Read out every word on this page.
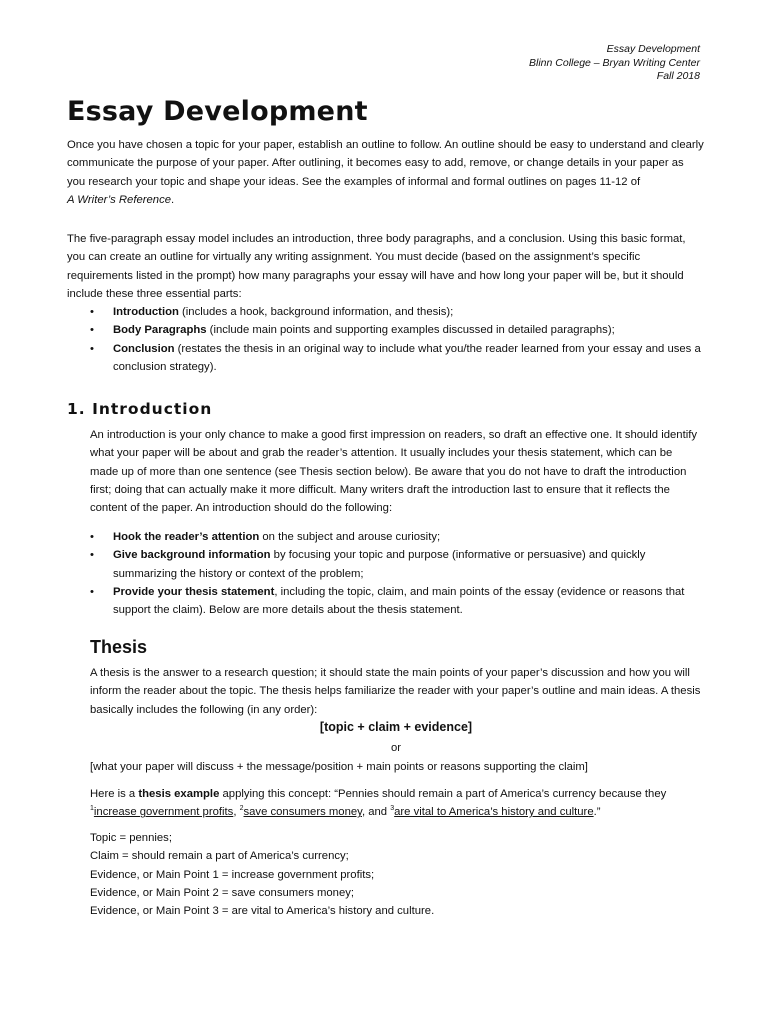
Essay Development
Blinn College – Bryan Writing Center
Fall 2018
Essay Development

Once you have chosen a topic for your paper, establish an outline to follow. An outline should be easy to understand and clearly communicate the purpose of your paper. After outlining, it becomes easy to add, remove, or change details in your paper as you research your topic and shape your ideas. See the examples of informal and formal outlines on pages 11-12 of
A Writer’s Reference.

The five-paragraph essay model includes an introduction, three body paragraphs, and a conclusion. Using this basic format, you can create an outline for virtually any writing assignment. You must decide (based on the assignment’s specific requirements listed in the prompt) how many paragraphs your essay will have and how long your paper will be, but it should include these three essential parts:

• Introduction (includes a hook, background information, and thesis);
• Body Paragraphs (include main points and supporting examples discussed in detailed paragraphs);
• Conclusion (restates the thesis in an original way to include what you/the reader learned from your essay and uses a conclusion strategy).
1. Introduction

An introduction is your only chance to make a good first impression on readers, so draft an effective one. It should identify what your paper will be about and grab the reader’s attention. It usually includes your thesis statement, which can be made up of more than one sentence (see Thesis section below). Be aware that you do not have to draft the introduction first; doing that can actually make it more difficult. Many writers draft the introduction last to ensure that it reflects the content of the paper. An introduction should do the following:

• Hook the reader’s attention on the subject and arouse curiosity;
• Give background information by focusing your topic and purpose (informative or persuasive) and quickly summarizing the history or context of the problem;
• Provide your thesis statement, including the topic, claim, and main points of the essay (evidence or reasons that support the claim). Below are more details about the thesis statement.
Thesis

A thesis is the answer to a research question; it should state the main points of your paper’s discussion and how you will inform the reader about the topic. The thesis helps familiarize the reader with your paper’s outline and main ideas. A thesis basically includes the following (in any order):

[topic + claim + evidence]
or

[what your paper will discuss + the message/position + main points or reasons supporting the claim]

Here is a thesis example applying this concept: “Pennies should remain a part of America’s currency because they
$^1$increase government profits, $^2$save consumers money, and $^3$are vital to America’s history and culture.”

Topic = pennies;
Claim = should remain a part of America’s currency;
Evidence, or Main Point 1 = increase government profits;
Evidence, or Main Point 2 = save consumers money;
Evidence, or Main Point 3 = are vital to America’s history and culture.
